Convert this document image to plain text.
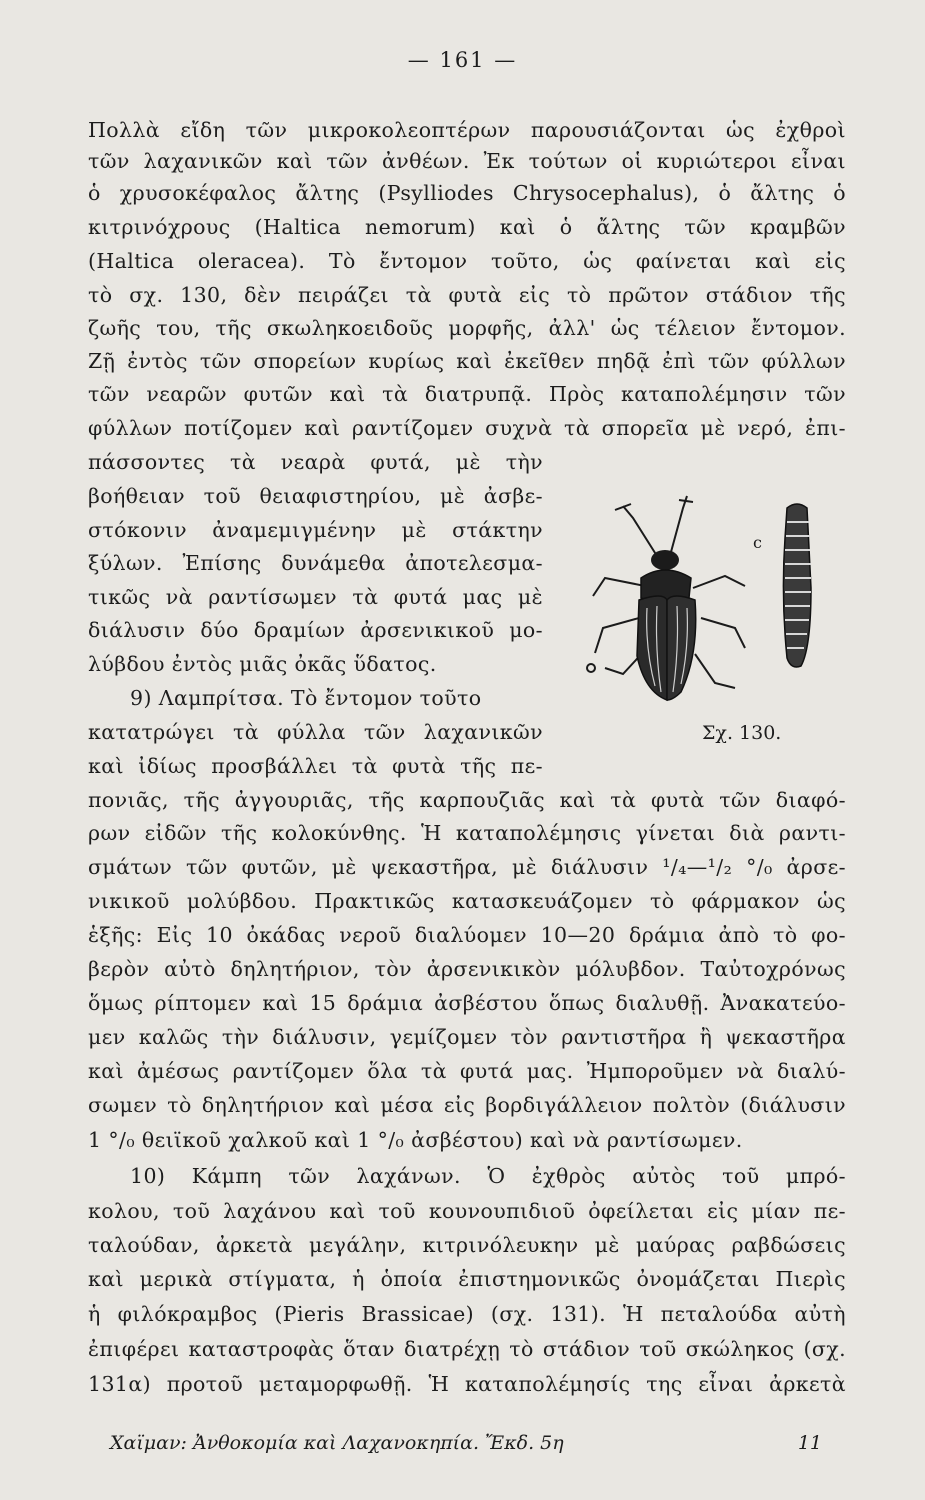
— 161 —
Πολλὰ εἴδη τῶν μικροκολεοπτέρων παρουσιάζονται ὡς ἐχθροὶ
τῶν λαχανικῶν καὶ τῶν ἀνθέων. Ἐκ τούτων οἱ κυριώτεροι εἶναι
ὁ χρυσοκέφαλος ἄλτης (Psylliodes Chrysocephalus), ὁ ἄλτης ὁ
κιτρινόχρους (Haltica nemorum) καὶ ὁ ἄλτης τῶν κραμβῶν
(Haltica oleracea). Τὸ ἔντομον τοῦτο, ὡς φαίνεται καὶ εἰς
τὸ σχ. 130, δὲν πειράζει τὰ φυτὰ εἰς τὸ πρῶτον στάδιον τῆς
ζωῆς του, τῆς σκωληκοειδοῦς μορφῆς, ἀλλ' ὡς τέλειον ἔντομον.
Ζῇ ἐντὸς τῶν σπορείων κυρίως καὶ ἐκεῖθεν πηδᾷ ἐπὶ τῶν φύλλων
τῶν νεαρῶν φυτῶν καὶ τὰ διατρυπᾷ. Πρὸς καταπολέμησιν τῶν
φύλλων ποτίζομεν καὶ ραντίζομεν συχνὰ τὰ σπορεῖα μὲ νερό, ἐπι-
πάσσοντες τὰ νεαρὰ φυτά, μὲ τὴν
βοήθειαν τοῦ θειαφιστηρίου, μὲ ἀσβε-
στόκονιν ἀναμεμιγμένην μὲ στάκτην
ξύλων. Ἐπίσης δυνάμεθα ἀποτελεσμα-
τικῶς νὰ ραντίσωμεν τὰ φυτά μας μὲ
διάλυσιν δύο δραμίων ἀρσενικικοῦ μο-
λύβδου ἐντὸς μιᾶς ὀκᾶς ὕδατος.
9) Λαμπρίτσα. Τὸ ἔντομον τοῦτο
κατατρώγει τὰ φύλλα τῶν λαχανικῶν
καὶ ἰδίως προσβάλλει τὰ φυτὰ τῆς πε-
c
Σχ. 130.
πονιᾶς, τῆς ἀγγουριᾶς, τῆς καρπουζιᾶς καὶ τὰ φυτὰ τῶν διαφό-
ρων εἰδῶν τῆς κολοκύνθης. Ἡ καταπολέμησις γίνεται διὰ ραντι-
σμάτων τῶν φυτῶν, μὲ ψεκαστῆρα, μὲ διάλυσιν ¹/₄—¹/₂ °/₀ ἀρσε-
νικικοῦ μολύβδου. Πρακτικῶς κατασκευάζομεν τὸ φάρμακον ὡς
ἑξῆς: Εἰς 10 ὀκάδας νεροῦ διαλύομεν 10—20 δράμια ἀπὸ τὸ φο-
βερὸν αὐτὸ δηλητήριον, τὸν ἀρσενικικὸν μόλυβδον. Ταὐτοχρόνως
ὅμως ρίπτομεν καὶ 15 δράμια ἀσβέστου ὅπως διαλυθῇ. Ἀνακατεύο-
μεν καλῶς τὴν διάλυσιν, γεμίζομεν τὸν ραντιστῆρα ἢ ψεκαστῆρα
καὶ ἀμέσως ραντίζομεν ὅλα τὰ φυτά μας. Ἠμποροῦμεν νὰ διαλύ-
σωμεν τὸ δηλητήριον καὶ μέσα εἰς βορδιγάλλειον πολτὸν (διάλυσιν
1 °/₀ θειϊκοῦ χαλκοῦ καὶ 1 °/₀ ἀσβέστου) καὶ νὰ ραντίσωμεν.
10) Κάμπη τῶν λαχάνων. Ὁ ἐχθρὸς αὐτὸς τοῦ μπρό-
κολου, τοῦ λαχάνου καὶ τοῦ κουνουπιδιοῦ ὀφείλεται εἰς μίαν πε-
ταλούδαν, ἀρκετὰ μεγάλην, κιτρινόλευκην μὲ μαύρας ραβδώσεις
καὶ μερικὰ στίγματα, ἡ ὁποία ἐπιστημονικῶς ὀνομάζεται Πιερὶς
ἡ φιλόκραμβος (Pieris Brassicae) (σχ. 131). Ἡ πεταλούδα αὐτὴ
ἐπιφέρει καταστροφὰς ὅταν διατρέχῃ τὸ στάδιον τοῦ σκώληκος (σχ.
131α) προτοῦ μεταμορφωθῇ. Ἡ καταπολέμησίς της εἶναι ἀρκετὰ
Χαϊμαν: Ἀνθοκομία καὶ Λαχανοκηπία. Ἔκδ. 5η	11
